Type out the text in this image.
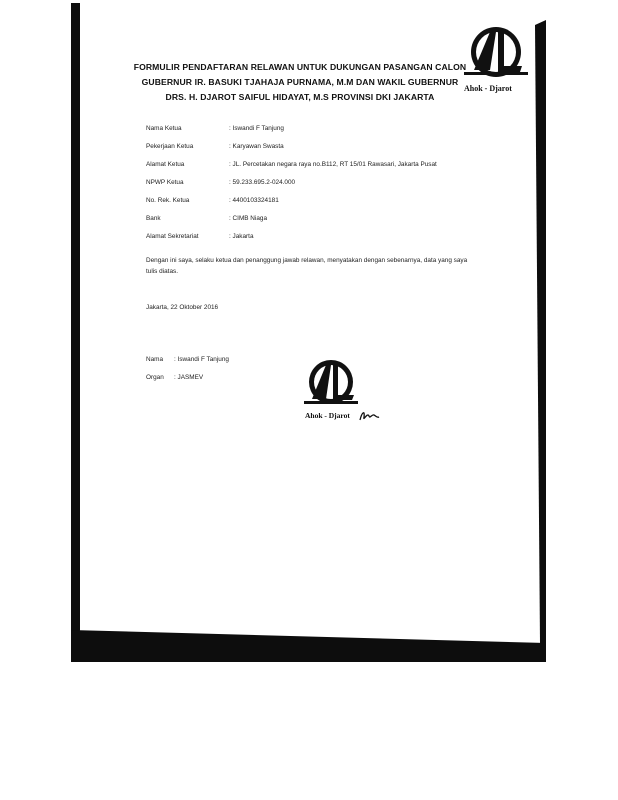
FORMULIR PENDAFTARAN RELAWAN UNTUK DUKUNGAN PASANGAN CALON
GUBERNUR IR. BASUKI TJAHAJA PURNAMA, M.M DAN WAKIL GUBERNUR
DRS. H. DJAROT SAIFUL HIDAYAT, M.S PROVINSI DKI JAKARTA
Ahok - Djarot
Nama Ketua	: Iswandi F Tanjung
Pekerjaan Ketua	: Karyawan Swasta
Alamat Ketua	: JL. Percetakan negara raya no.B112, RT 15/01 Rawasari, Jakarta Pusat
NPWP Ketua	: 59.233.695.2-024.000
No. Rek. Ketua	: 4400103324181
Bank	: CIMB Niaga
Alamat Sekretariat	: Jakarta
Dengan ini saya, selaku ketua dan penanggung jawab relawan, menyatakan dengan sebenarnya, data yang saya tulis diatas.
Jakarta, 22 Oktober 2016
Nama : Iswandi F Tanjung
Organ : JASMEV
Ahok - Djarot
